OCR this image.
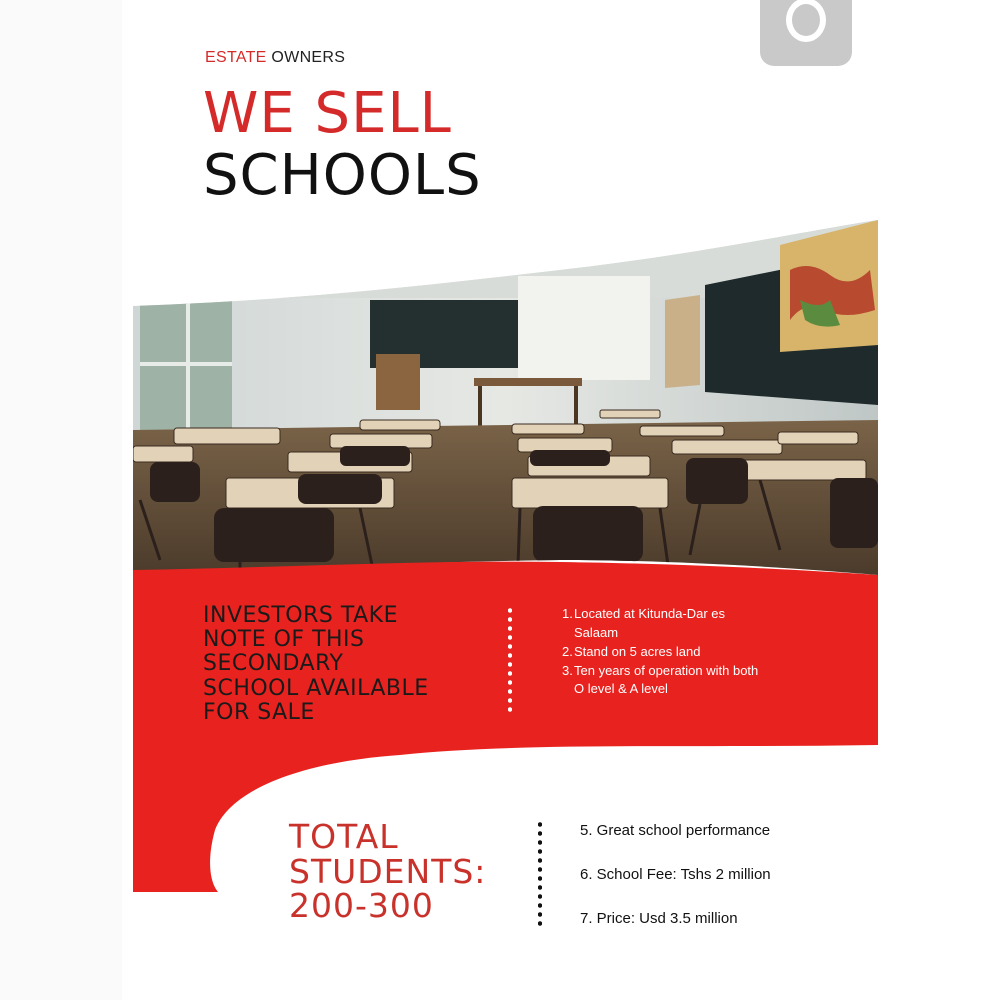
ESTATE OWNERS
WE SELL
SCHOOLS
INVESTORS TAKE
NOTE OF THIS
SECONDARY
SCHOOL AVAILABLE
FOR SALE
1. Located at Kitunda-Dar es Salaam
2. Stand on 5 acres land
3. Ten years of operation with both O level & A level
TOTAL
STUDENTS:
200-300
5. Great school performance
6. School Fee: Tshs 2 million
7. Price: Usd 3.5 million
